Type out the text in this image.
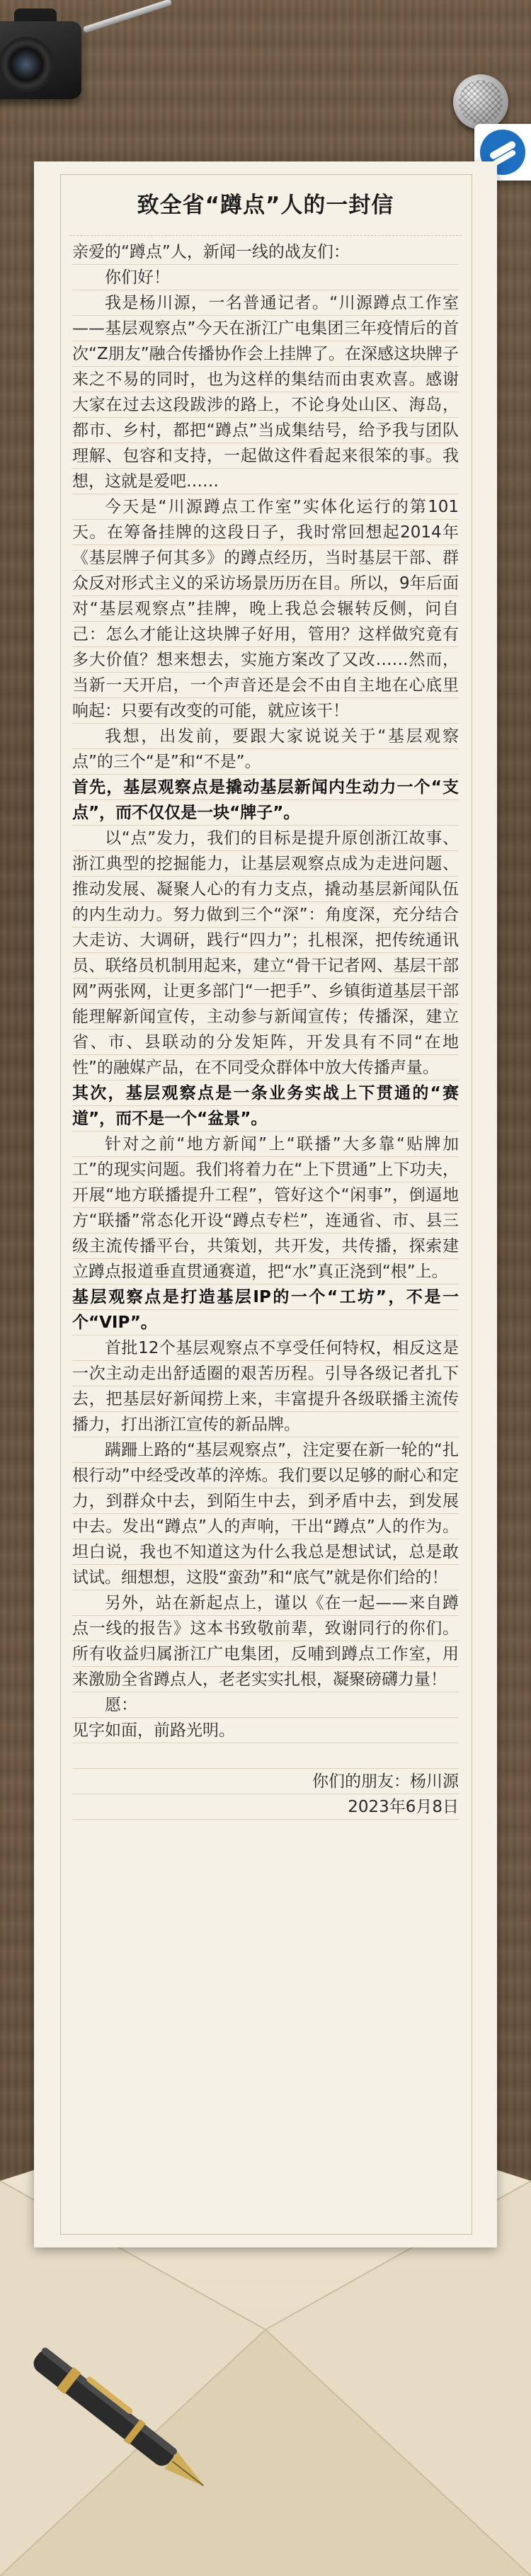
致全省“蹲点”人的一封信

亲爱的“蹲点”人，新闻一线的战友们：

你们好！

我是杨川源，一名普通记者。“川源蹲点工作室——基层观察点”今天在浙江广电集团三年疫情后的首次“Z朋友”融合传播协作会上挂牌了。在深感这块牌子来之不易的同时，也为这样的集结而由衷欢喜。感谢大家在过去这段跋涉的路上，不论身处山区、海岛，都市、乡村，都把“蹲点”当成集结号，给予我与团队理解、包容和支持，一起做这件看起来很笨的事。我想，这就是爱吧……

今天是“川源蹲点工作室”实体化运行的第101天。在筹备挂牌的这段日子，我时常回想起2014年《基层牌子何其多》的蹲点经历，当时基层干部、群众反对形式主义的采访场景历历在目。所以，9年后面对“基层观察点”挂牌，晚上我总会辗转反侧，问自己：怎么才能让这块牌子好用，管用？这样做究竟有多大价值？想来想去，实施方案改了又改……然而，当新一天开启，一个声音还是会不由自主地在心底里响起：只要有改变的可能，就应该干！

我想，出发前，要跟大家说说关于“基层观察点”的三个“是”和“不是”。

首先，基层观察点是撬动基层新闻内生动力一个“支点”，而不仅仅是一块“牌子”。

以“点”发力，我们的目标是提升原创浙江故事、浙江典型的挖掘能力，让基层观察点成为走进问题、推动发展、凝聚人心的有力支点，撬动基层新闻队伍的内生动力。努力做到三个“深”：角度深，充分结合大走访、大调研，践行“四力”；扎根深，把传统通讯员、联络员机制用起来，建立“骨干记者网、基层干部网”两张网，让更多部门“一把手”、乡镇街道基层干部能理解新闻宣传，主动参与新闻宣传；传播深，建立省、市、县联动的分发矩阵，开发具有不同“在地性”的融媒产品，在不同受众群体中放大传播声量。

其次，基层观察点是一条业务实战上下贯通的“赛道”，而不是一个“盆景”。

针对之前“地方新闻”上“联播”大多靠“贴牌加工”的现实问题。我们将着力在“上下贯通”上下功夫，开展“地方联播提升工程”，管好这个“闲事”，倒逼地方“联播”常态化开设“蹲点专栏”，连通省、市、县三级主流传播平台，共策划，共开发，共传播，探索建立蹲点报道垂直贯通赛道，把“水”真正浇到“根”上。

基层观察点是打造基层IP的一个“工坊”，不是一个“VIP”。

首批12个基层观察点不享受任何特权，相反这是一次主动走出舒适圈的艰苦历程。引导各级记者扎下去，把基层好新闻捞上来，丰富提升各级联播主流传播力，打出浙江宣传的新品牌。

蹒跚上路的“基层观察点”，注定要在新一轮的“扎根行动”中经受改革的淬炼。我们要以足够的耐心和定力，到群众中去，到陌生中去，到矛盾中去，到发展中去。发出“蹲点”人的声响，干出“蹲点”人的作为。坦白说，我也不知道这为什么我总是想试试，总是敢试试。细想想，这股“蛮劲”和“底气”就是你们给的！

另外，站在新起点上，谨以《在一起——来自蹲点一线的报告》这本书致敬前辈，致谢同行的你们。所有收益归属浙江广电集团，反哺到蹲点工作室，用来激励全省蹲点人，老老实实扎根，凝聚磅礴力量！

愿：

见字如面，前路光明。

你们的朋友：杨川源

2023年6月8日
